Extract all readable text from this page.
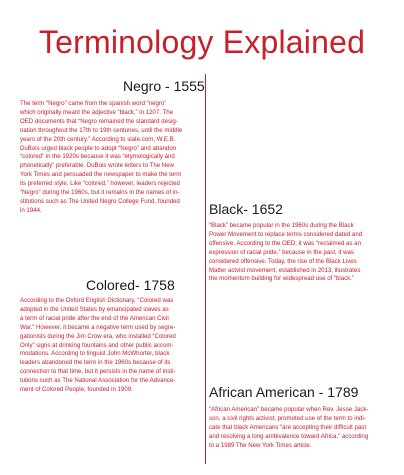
Terminology Explained
Negro - 1555

The term “Negro” came from the spanish word “negro”
which originally meant the adjective “black,” in 1207. The
OED documents that “Negro remained the standard desig-
nation throughout the 17th to 19th centuries, until the middle
years of the 20th century.” According to slate.com, W.E.B.
DuBois urged black people to adopt “Negro” and abandon
“colored” in the 1920s because it was “etymologically and
phonetically” preferable. DuBois wrote letters to The New
York Times and persuaded the newspaper to make the term
its preferred style. Like “colored,” however, leaders rejected
“Negro” during the 1960s, but it remains in the names of in-
stitutions such as The United Negro College Fund, founded
in 1944.	Black- 1652

“Black” became popular in the 1960s during the Black
Power Movement to replace terms considered dated and
offensive. According to the OED, it was “reclaimed as an
expression of racial pride,” because in the past, it was
considered offensive. Today, the rise of the Black Lives
Matter actvist movement, established in 2013, illustrates
the momentum building for widespread use of “black.”

Colored- 1758

According to the Oxford English Dictionary, “Colored was
adopted in the United States by emancipated slaves as
a term of racial pride after the end of the American Civil
War.” However, it became a negative term used by segre-
gationists during the Jim Crow era, who installed “Colored
Only” signs at drinking fountains and other public accom-
modations. According to linguist John McWhorter, black
leaders abandoned the term in the 1960s because of its
connection to that time, but it persists in the name of insti-
tutions such as The National Association for the Advance-
ment of Colored People, founded in 1909.	African American - 1789

“African American” became popular when Rev. Jesse Jack-
son, a civil rights activist, promoted use of the term to indi-
cate that black Americans “are accepting their difficult past
and resolving a long ambivalence toward Africa,” according
to a 1989 The New York Times article.
